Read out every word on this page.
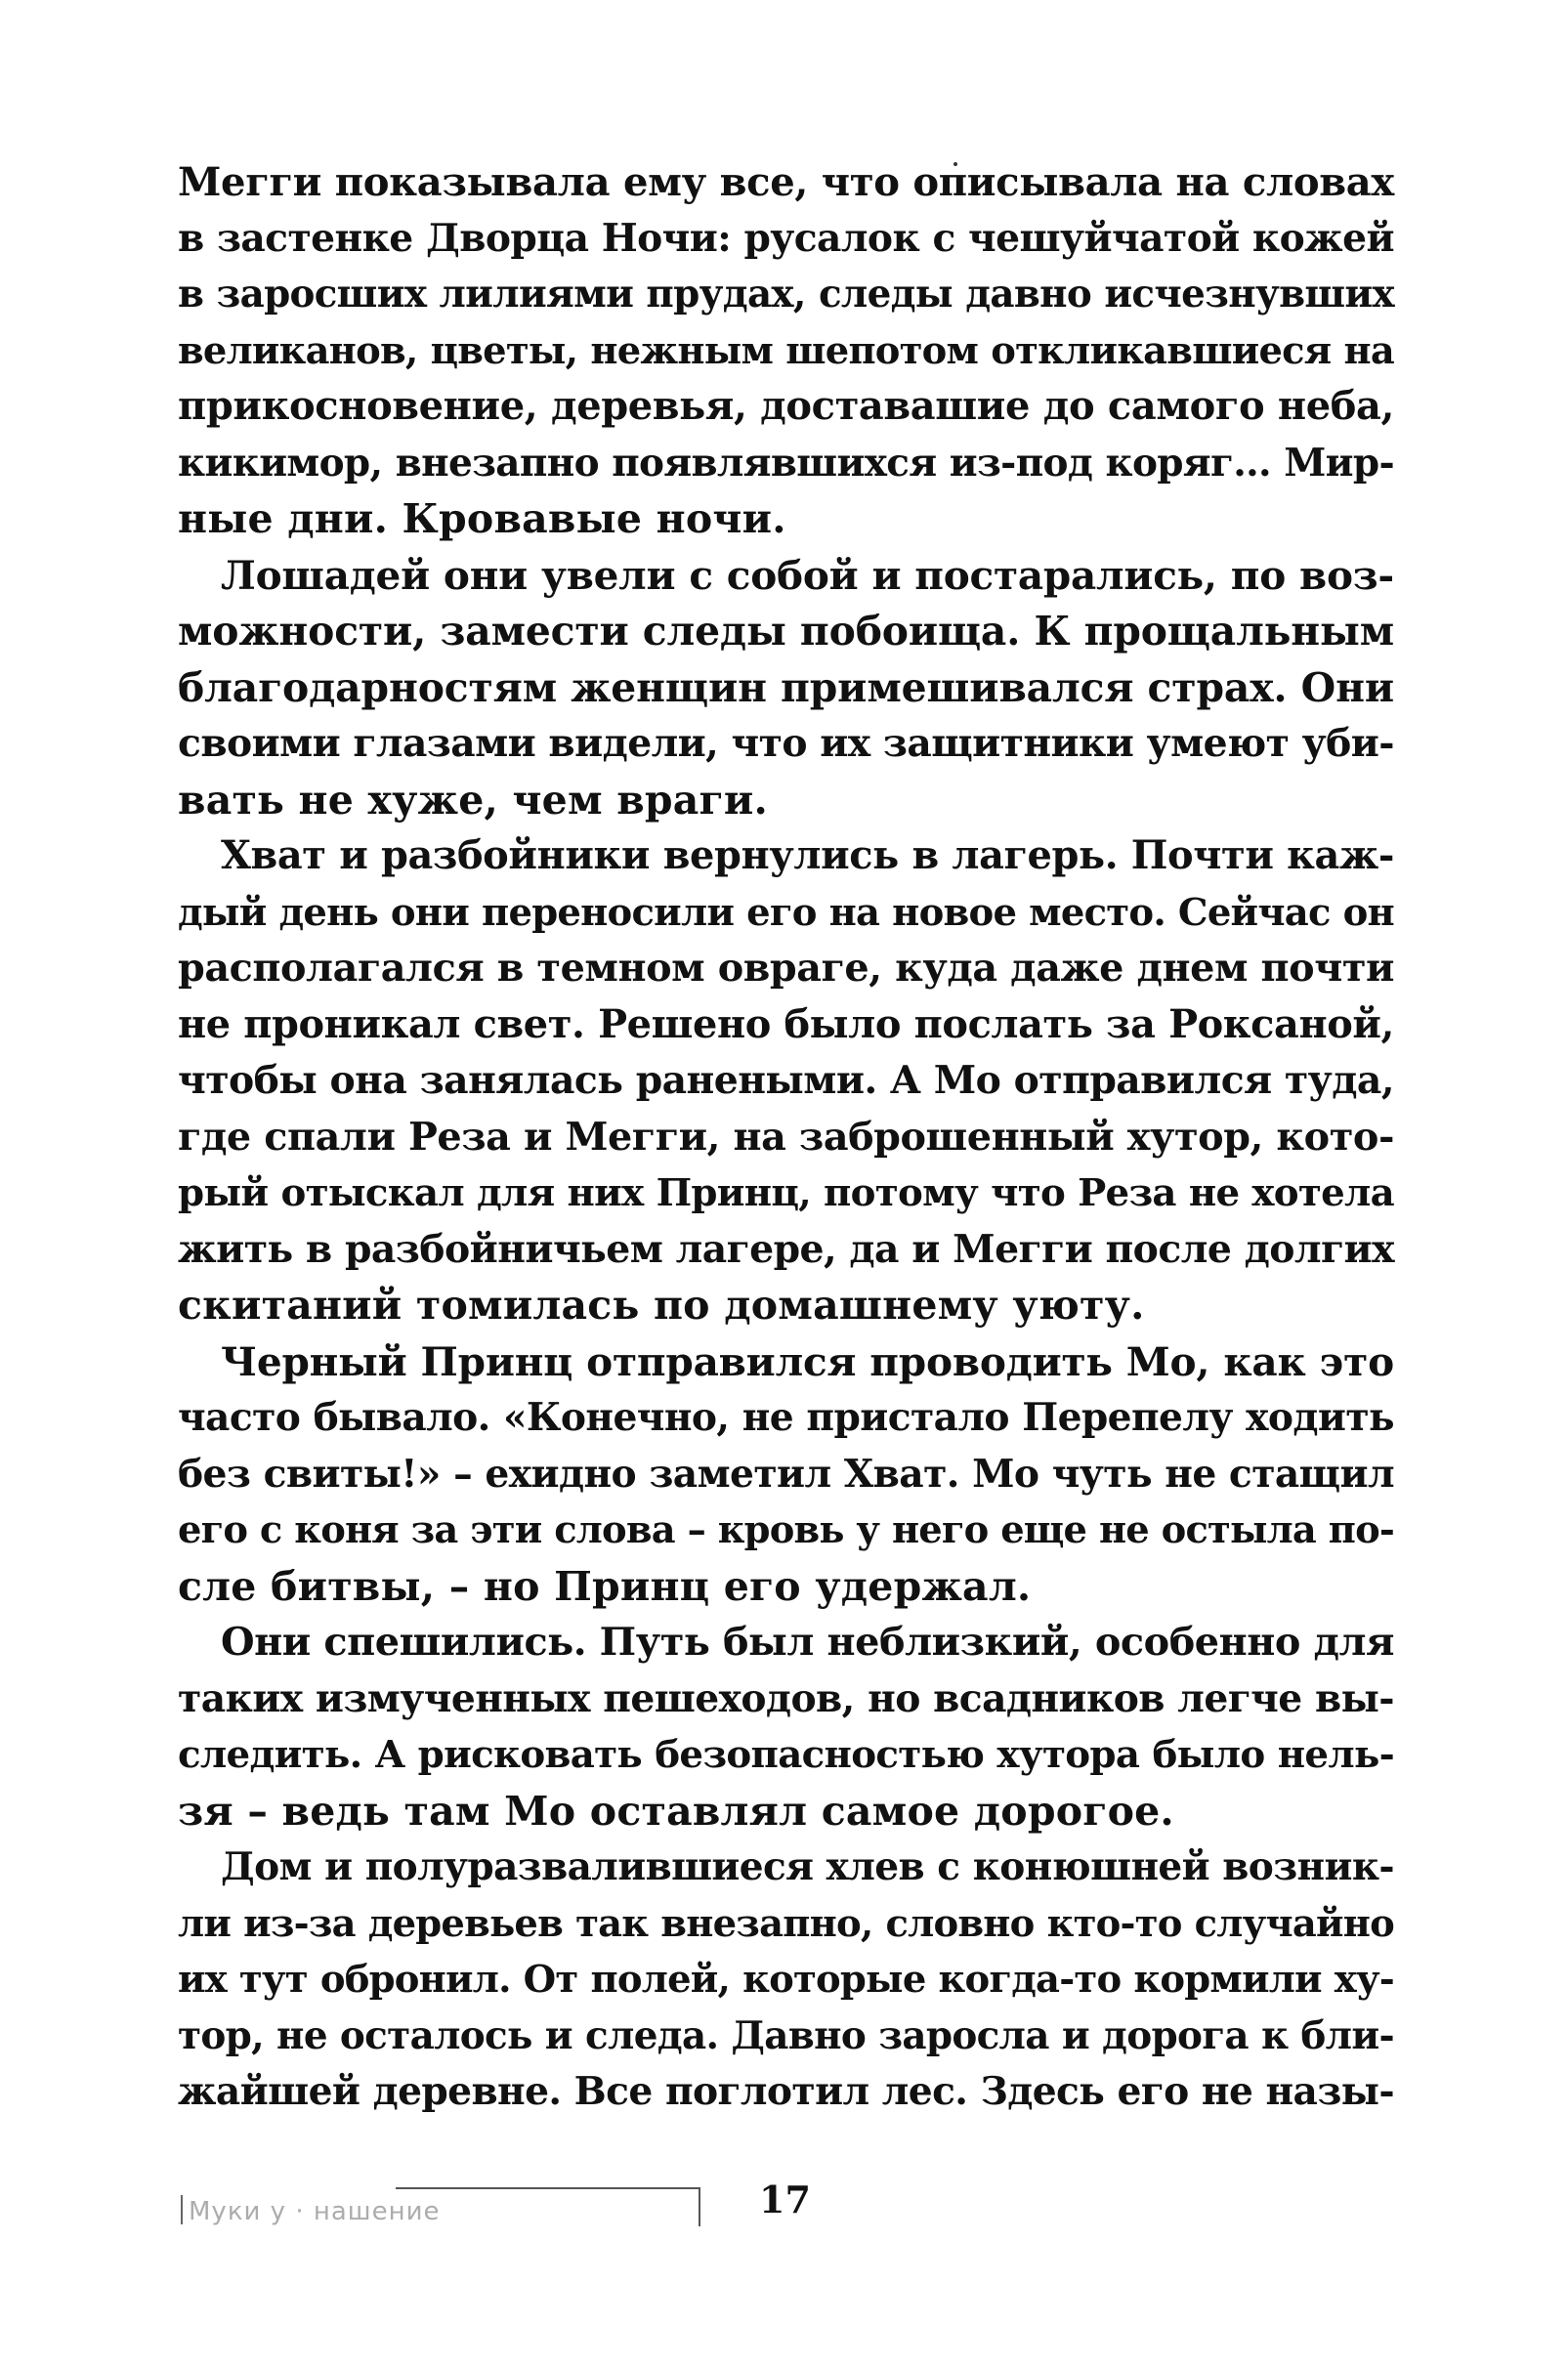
Мегги показывала ему все, что описывала на словах
в застенке Дворца Ночи: русалок с чешуйчатой кожей
в заросших лилиями прудах, следы давно исчезнувших
великанов, цветы, нежным шепотом откликавшиеся на
прикосновение, деревья, доставашие до самого неба,
кикимор, внезапно появлявшихся из-под коряг... Мир-
ные дни. Кровавые ночи.
Лошадей они увели с собой и постарались, по воз-
можности, замести следы побоища. К прощальным
благодарностям женщин примешивался страх. Они
своими глазами видели, что их защитники умеют уби-
вать не хуже, чем враги.
Хват и разбойники вернулись в лагерь. Почти каж-
дый день они переносили его на новое место. Сейчас он
располагался в темном овраге, куда даже днем почти
не проникал свет. Решено было послать за Роксаной,
чтобы она занялась ранеными. А Мо отправился туда,
где спали Реза и Мегги, на заброшенный хутор, кото-
рый отыскал для них Принц, потому что Реза не хотела
жить в разбойничьем лагере, да и Мегги после долгих
скитаний томилась по домашнему уюту.
Черный Принц отправился проводить Мо, как это
часто бывало. «Конечно, не пристало Перепелу ходить
без свиты!» – ехидно заметил Хват. Мо чуть не стащил
его с коня за эти слова – кровь у него еще не остыла по-
сле битвы, – но Принц его удержал.
Они спешились. Путь был неблизкий, особенно для
таких измученных пешеходов, но всадников легче вы-
следить. А рисковать безопасностью хутора было нель-
зя – ведь там Мо оставлял самое дорогое.
Дом и полуразвалившиеся хлев с конюшней возник-
ли из-за деревьев так внезапно, словно кто-то случайно
их тут обронил. От полей, которые когда-то кормили ху-
тор, не осталось и следа. Давно заросла и дорога к бли-
жайшей деревне. Все поглотил лес. Здесь его не назы-
Муки у · нашение	17
